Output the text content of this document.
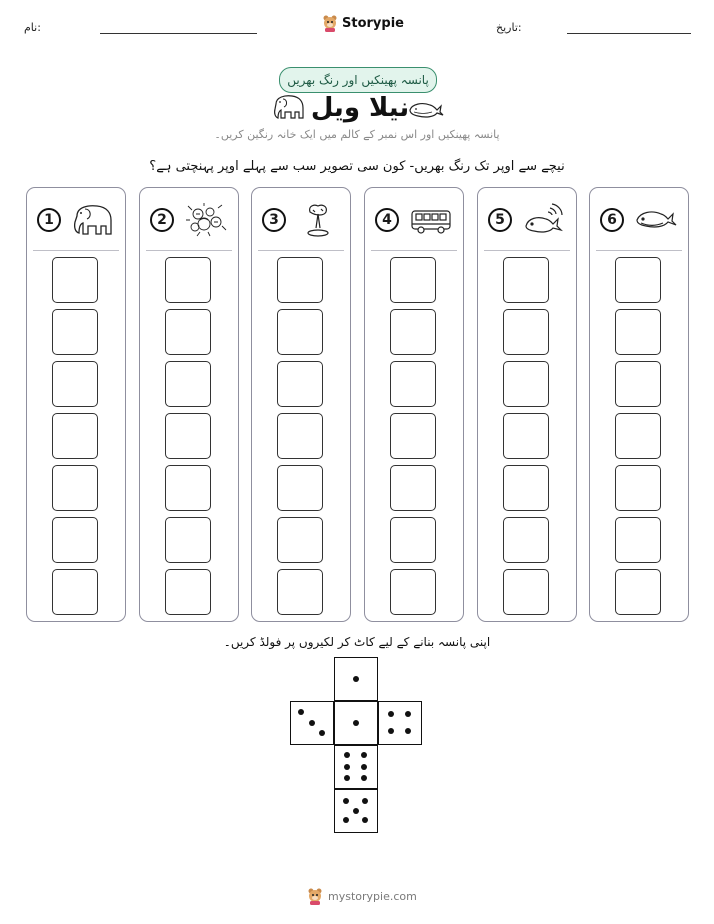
نام:	Storypie	تاریخ:
پانسہ پھینکیں اور رنگ بھریں
نیلا ویل
پانسہ پھینکیں اور اس نمبر کے کالم میں ایک خانہ رنگین کریں۔
نیچے سے اوپر تک رنگ بھریں- کون سی تصویر سب سے پہلے اوپر پہنچتی ہے؟
1	2	3	4	5	6
اپنی پانسہ بنانے کے لیے کاٹ کر لکیروں پر فولڈ کریں۔
mystorypie.com
